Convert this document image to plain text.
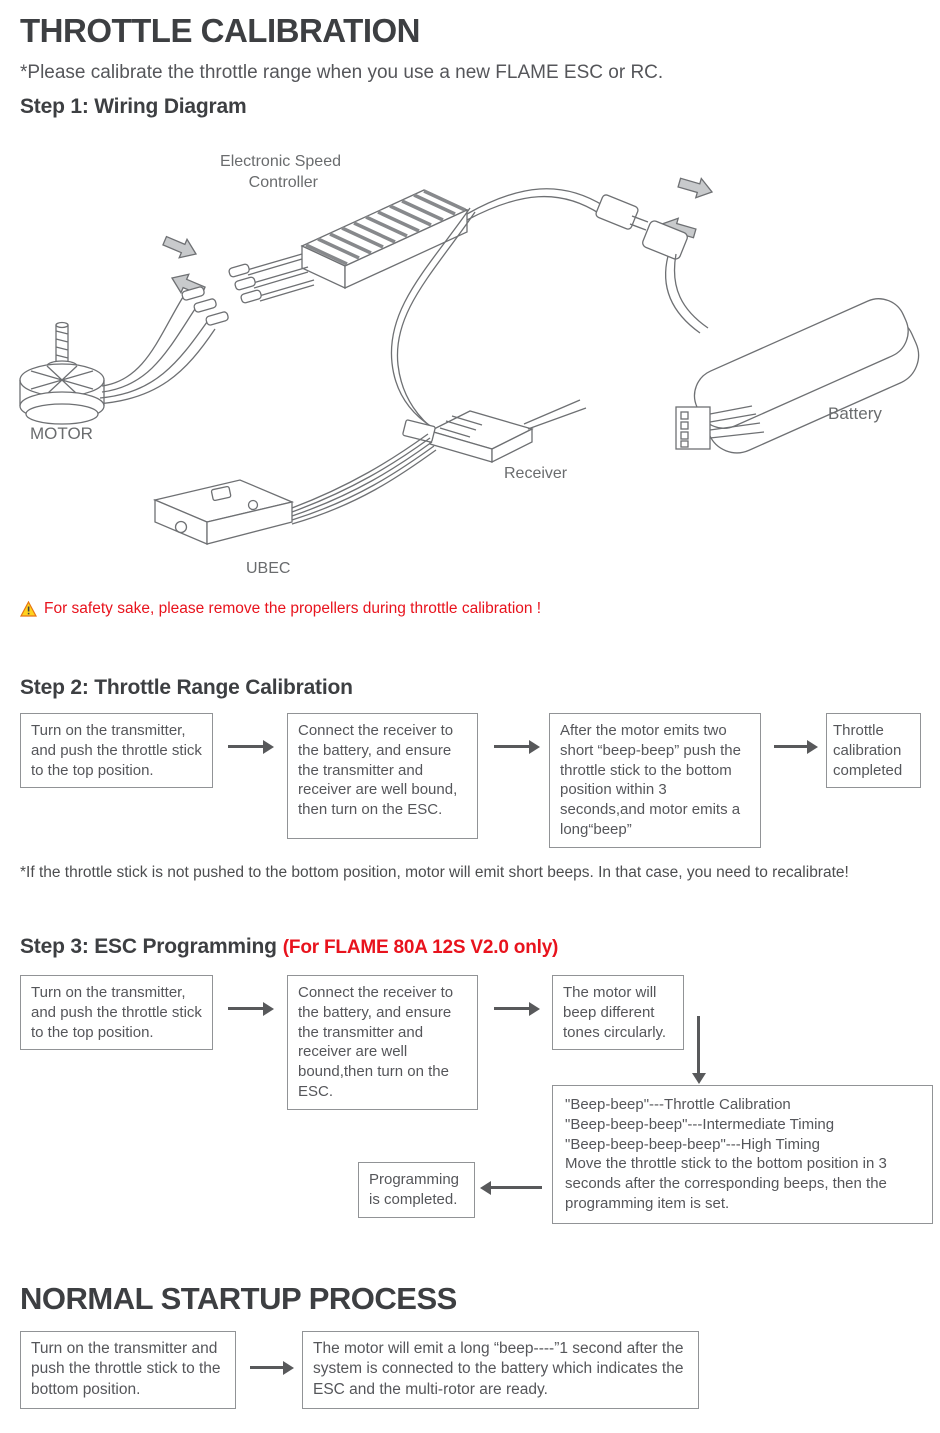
THROTTLE CALIBRATION
*Please calibrate the throttle range when you use a new FLAME ESC or RC.
Step 1: Wiring Diagram
Electronic Speed
Controller
MOTOR
Receiver
UBEC
Battery
For safety sake, please remove the propellers during throttle calibration !
Step 2: Throttle Range Calibration
Turn on the transmitter, and push the throttle stick to the top position.
Connect the receiver to the battery, and ensure the transmitter and receiver are well bound, then turn on the ESC.
After the motor emits two short “beep-beep” push the throttle stick to the bottom position within 3 seconds,and motor emits a long“beep”
Throttle calibration completed
*If the throttle stick is not pushed to the bottom position, motor will emit short beeps. In that case, you need to recalibrate!
Step 3: ESC Programming (For FLAME 80A 12S V2.0 only)
Turn on the transmitter, and push the throttle stick to the top position.
Connect the receiver to the battery, and ensure the transmitter and receiver are well bound,then turn on the ESC.
The motor will beep different tones circularly.
"Beep-beep"---Throttle Calibration
"Beep-beep-beep"---Intermediate Timing
"Beep-beep-beep-beep"---High Timing
Move the throttle stick to the bottom position in 3 seconds after the corresponding beeps, then the programming item is set.
Programming is completed.
NORMAL STARTUP PROCESS
Turn on the transmitter and push the throttle stick to the bottom position.
The motor will emit a long “beep----”1 second after the system is connected to the battery which indicates the ESC and the multi-rotor are ready.
